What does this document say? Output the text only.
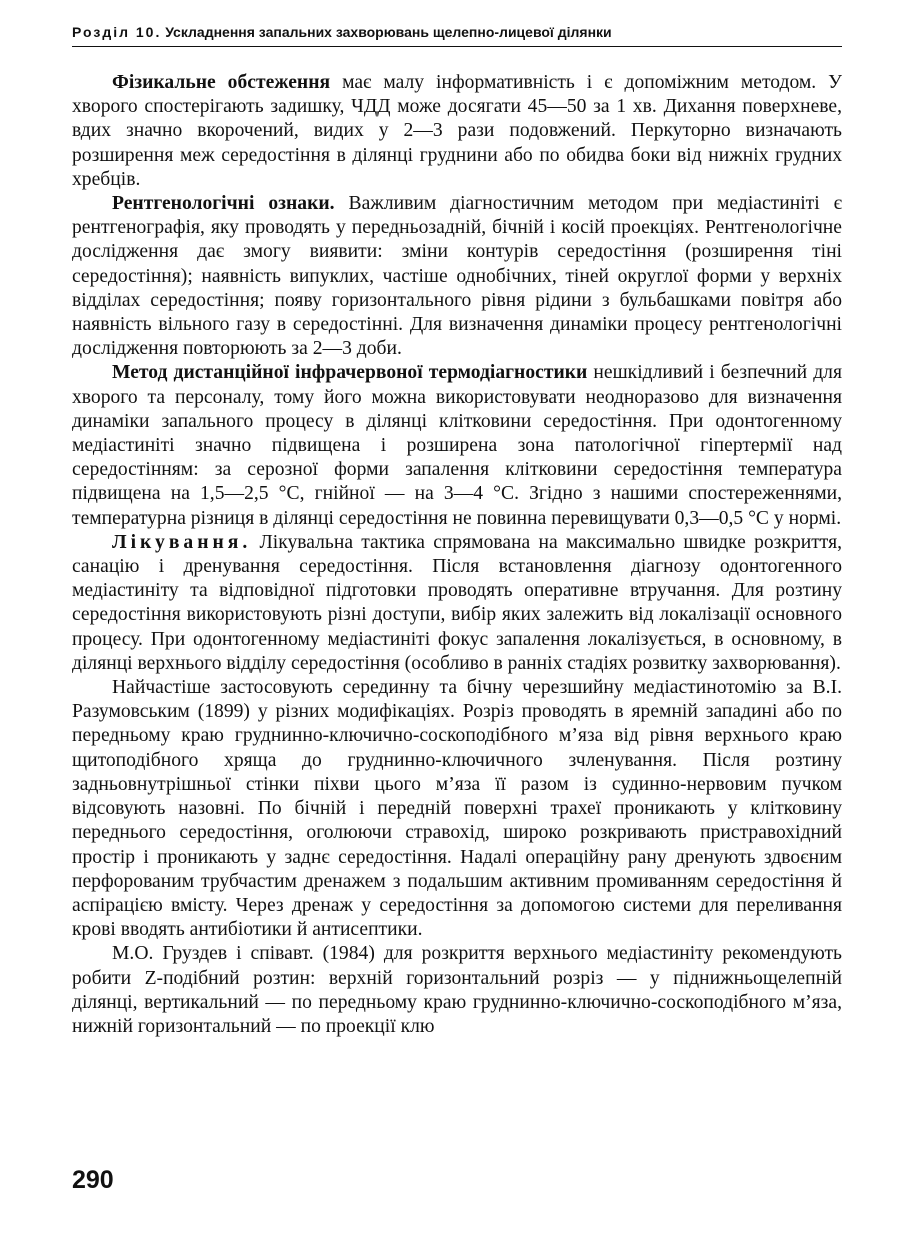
Розділ 10. Ускладнення запальних захворювань щелепно-лицевої ділянки

Фізикальне обстеження має малу інформативність і є допоміжним методом. У хворого спостерігають задишку, ЧДД може досягати 45—50 за 1 хв. Дихання поверхневе, вдих значно вкорочений, видих у 2—3 рази подовжений. Перкуторно визначають розширення меж середостіння в ділянці груднини або по обидва боки від нижніх грудних хребців.

Рентгенологічні ознаки. Важливим діагностичним методом при медіастиніті є рентгенографія, яку проводять у передньозадній, бічній і косій проекціях. Рентгенологічне дослідження дає змогу виявити: зміни контурів середостіння (розширення тіні середостіння); наявність випуклих, частіше однобічних, тіней округлої форми у верхніх відділах середостіння; появу горизонтального рівня рідини з бульбашками повітря або наявність вільного газу в середостінні. Для визначення динаміки процесу рентгенологічні дослідження повторюють за 2—3 доби.

Метод дистанційної інфрачервоної термодіагностики нешкідливий і безпечний для хворого та персоналу, тому його можна використовувати неодноразово для визначення динаміки запального процесу в ділянці клітковини середостіння. При одонтогенному медіастиніті значно підвищена і розширена зона патологічної гіпертермії над середостінням: за серозної форми запалення клітковини середостіння температура підвищена на 1,5—2,5 °С, гнійної — на 3—4 °С. Згідно з нашими спостереженнями, температурна різниця в ділянці середостіння не повинна перевищувати 0,3—0,5 °С у нормі.

Лікування. Лікувальна тактика спрямована на максимально швидке розкриття, санацію і дренування середостіння. Після встановлення діагнозу одонтогенного медіастиніту та відповідної підготовки проводять оперативне втручання. Для розтину середостіння використовують різні доступи, вибір яких залежить від локалізації основного процесу. При одонтогенному медіастиніті фокус запалення локалізується, в основному, в ділянці верхнього відділу середостіння (особливо в ранніх стадіях розвитку захворювання).

Найчастіше застосовують серединну та бічну черезшийну медіастинотомію за В.І. Разумовським (1899) у різних модифікаціях. Розріз проводять в яремній западині або по передньому краю груднинно-ключично-соскоподібного м’яза від рівня верхнього краю щитоподібного хряща до груднинно-ключичного зчленування. Після розтину задньовнутрішньої стінки піхви цього м’яза її разом із судинно-нервовим пучком відсовують назовні. По бічній і передній поверхні трахеї проникають у клітковину переднього середостіння, оголюючи стравохід, широко розкривають пристравохідний простір і проникають у заднє середостіння. Надалі операційну рану дренують здвоєним перфорованим трубчастим дренажем з подальшим активним промиванням середостіння й аспірацією вмісту. Через дренаж у середостіння за допомогою системи для переливання крові вводять антибіотики й антисептики.

М.О. Груздев і співавт. (1984) для розкриття верхнього медіастиніту рекомендують робити Z-подібний розтин: верхній горизонтальний розріз — у піднижньощелепній ділянці, вертикальний — по передньому краю груднинно-ключично-соскоподібного м’яза, нижній горизонтальний — по проекції клю

290
